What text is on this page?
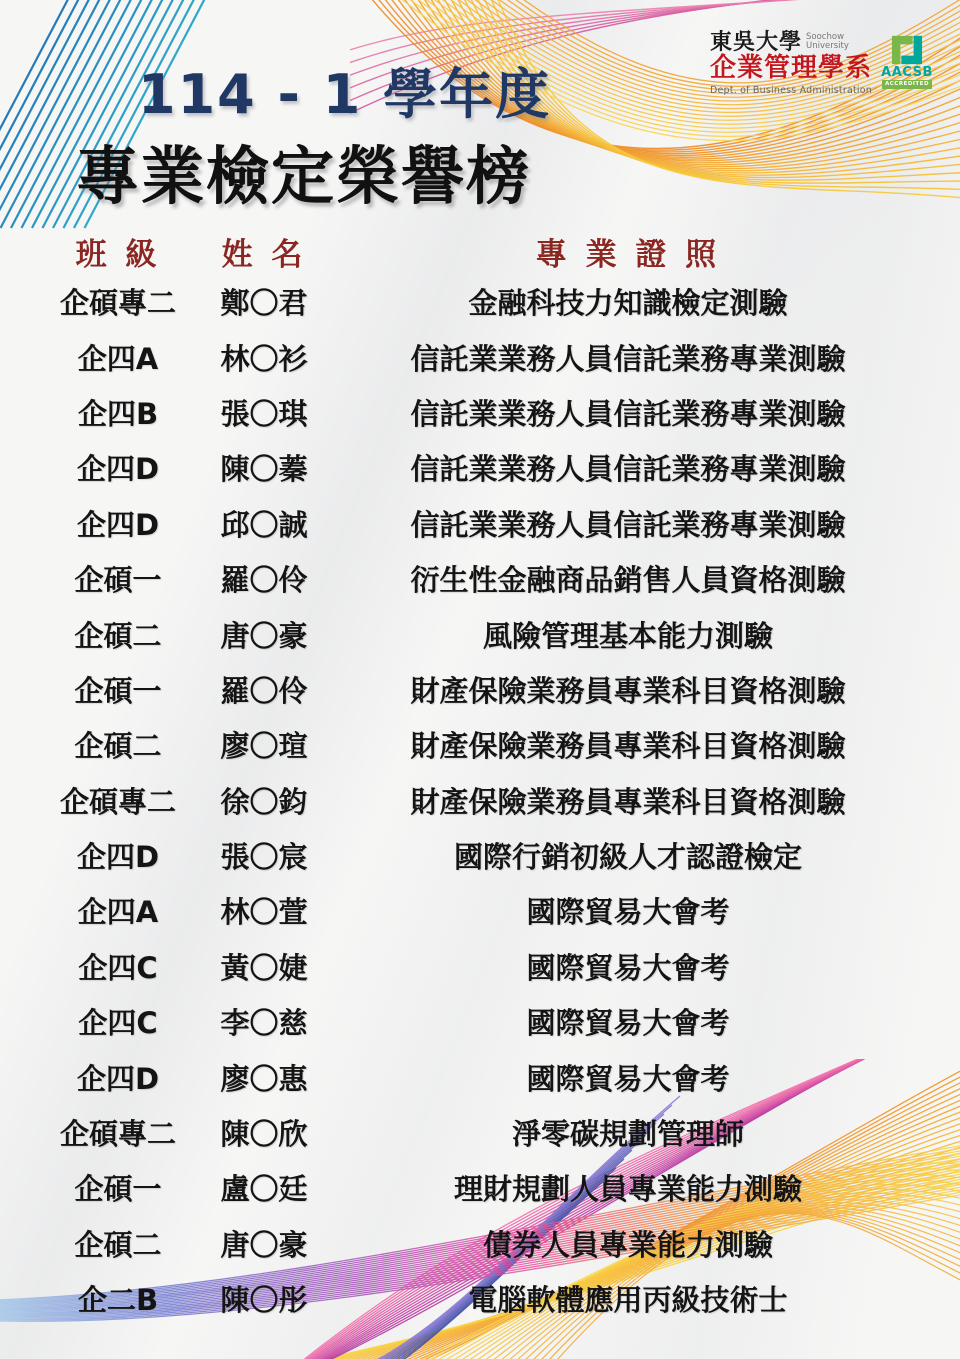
114 - 1 學年度
專業檢定榮譽榜
東吳大學 Soochow
University
企業管理學系
Dept. of Business Administration
AACSB
ACCREDITED
班 級	姓 名	專 業 證 照
企碩專二	鄭〇君	金融科技力知識檢定測驗
企四A	林〇衫	信託業業務人員信託業務專業測驗
企四B	張〇琪	信託業業務人員信託業務專業測驗
企四D	陳〇蓁	信託業業務人員信託業務專業測驗
企四D	邱〇誠	信託業業務人員信託業務專業測驗
企碩一	羅〇伶	衍生性金融商品銷售人員資格測驗
企碩二	唐〇豪	風險管理基本能力測驗
企碩一	羅〇伶	財產保險業務員專業科目資格測驗
企碩二	廖〇瑄	財產保險業務員專業科目資格測驗
企碩專二	徐〇鈞	財產保險業務員專業科目資格測驗
企四D	張〇宸	國際行銷初級人才認證檢定
企四A	林〇萱	國際貿易大會考
企四C	黃〇婕	國際貿易大會考
企四C	李〇慈	國際貿易大會考
企四D	廖〇惠	國際貿易大會考
企碩專二	陳〇欣	淨零碳規劃管理師
企碩一	盧〇廷	理財規劃人員專業能力測驗
企碩二	唐〇豪	債券人員專業能力測驗
企二B	陳〇彤	電腦軟體應用丙級技術士
